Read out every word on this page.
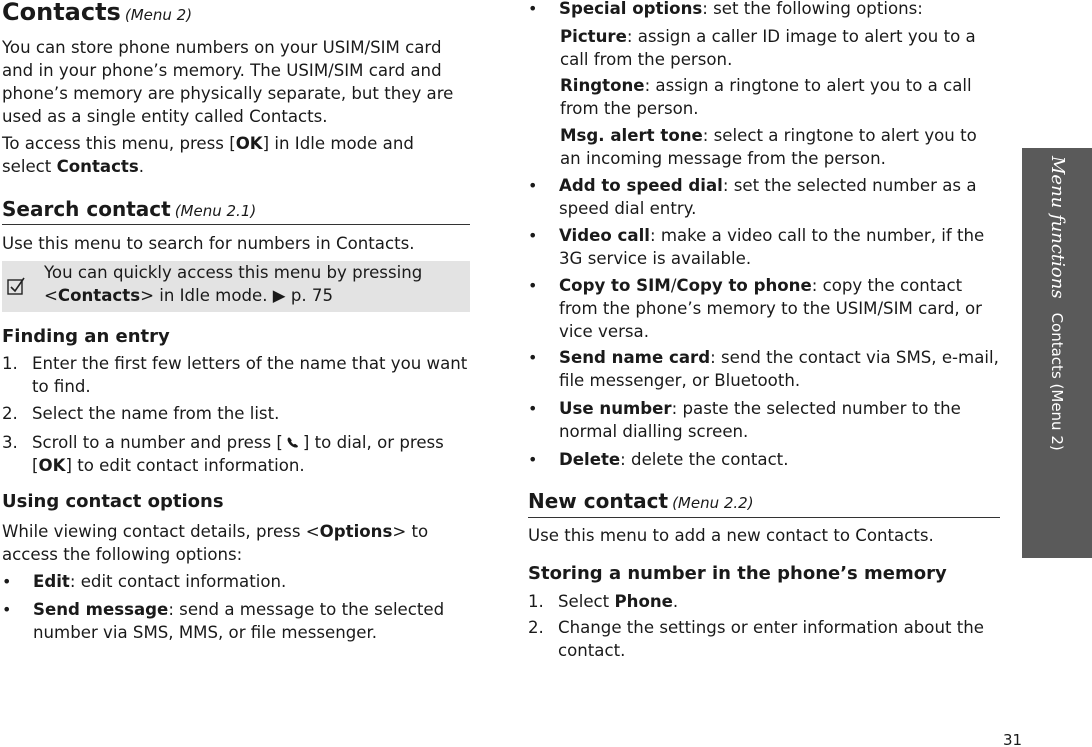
Contacts (Menu 2)
You can store phone numbers on your USIM/SIM card and in your phone’s memory. The USIM/SIM card and phone’s memory are physically separate, but they are used as a single entity called Contacts.
To access this menu, press [OK] in Idle mode and select Contacts.
Search contact (Menu 2.1)
Use this menu to search for numbers in Contacts.
You can quickly access this menu by pressing <Contacts> in Idle mode. ▶ p. 75
Finding an entry
1. Enter the first few letters of the name that you want to find.
2. Select the name from the list.
3. Scroll to a number and press [ ] to dial, or press [OK] to edit contact information.
Using contact options
While viewing contact details, press <Options> to access the following options:
• Edit: edit contact information.
• Send message: send a message to the selected number via SMS, MMS, or file messenger.
• Special options: set the following options:
Picture: assign a caller ID image to alert you to a call from the person.
Ringtone: assign a ringtone to alert you to a call from the person.
Msg. alert tone: select a ringtone to alert you to an incoming message from the person.
• Add to speed dial: set the selected number as a speed dial entry.
• Video call: make a video call to the number, if the 3G service is available.
• Copy to SIM/Copy to phone: copy the contact from the phone’s memory to the USIM/SIM card, or vice versa.
• Send name card: send the contact via SMS, e-mail, file messenger, or Bluetooth.
• Use number: paste the selected number to the normal dialling screen.
• Delete: delete the contact.
New contact (Menu 2.2)
Use this menu to add a new contact to Contacts.
Storing a number in the phone’s memory
1. Select Phone.
2. Change the settings or enter information about the contact.
Menu functionsContacts (Menu 2)
31
